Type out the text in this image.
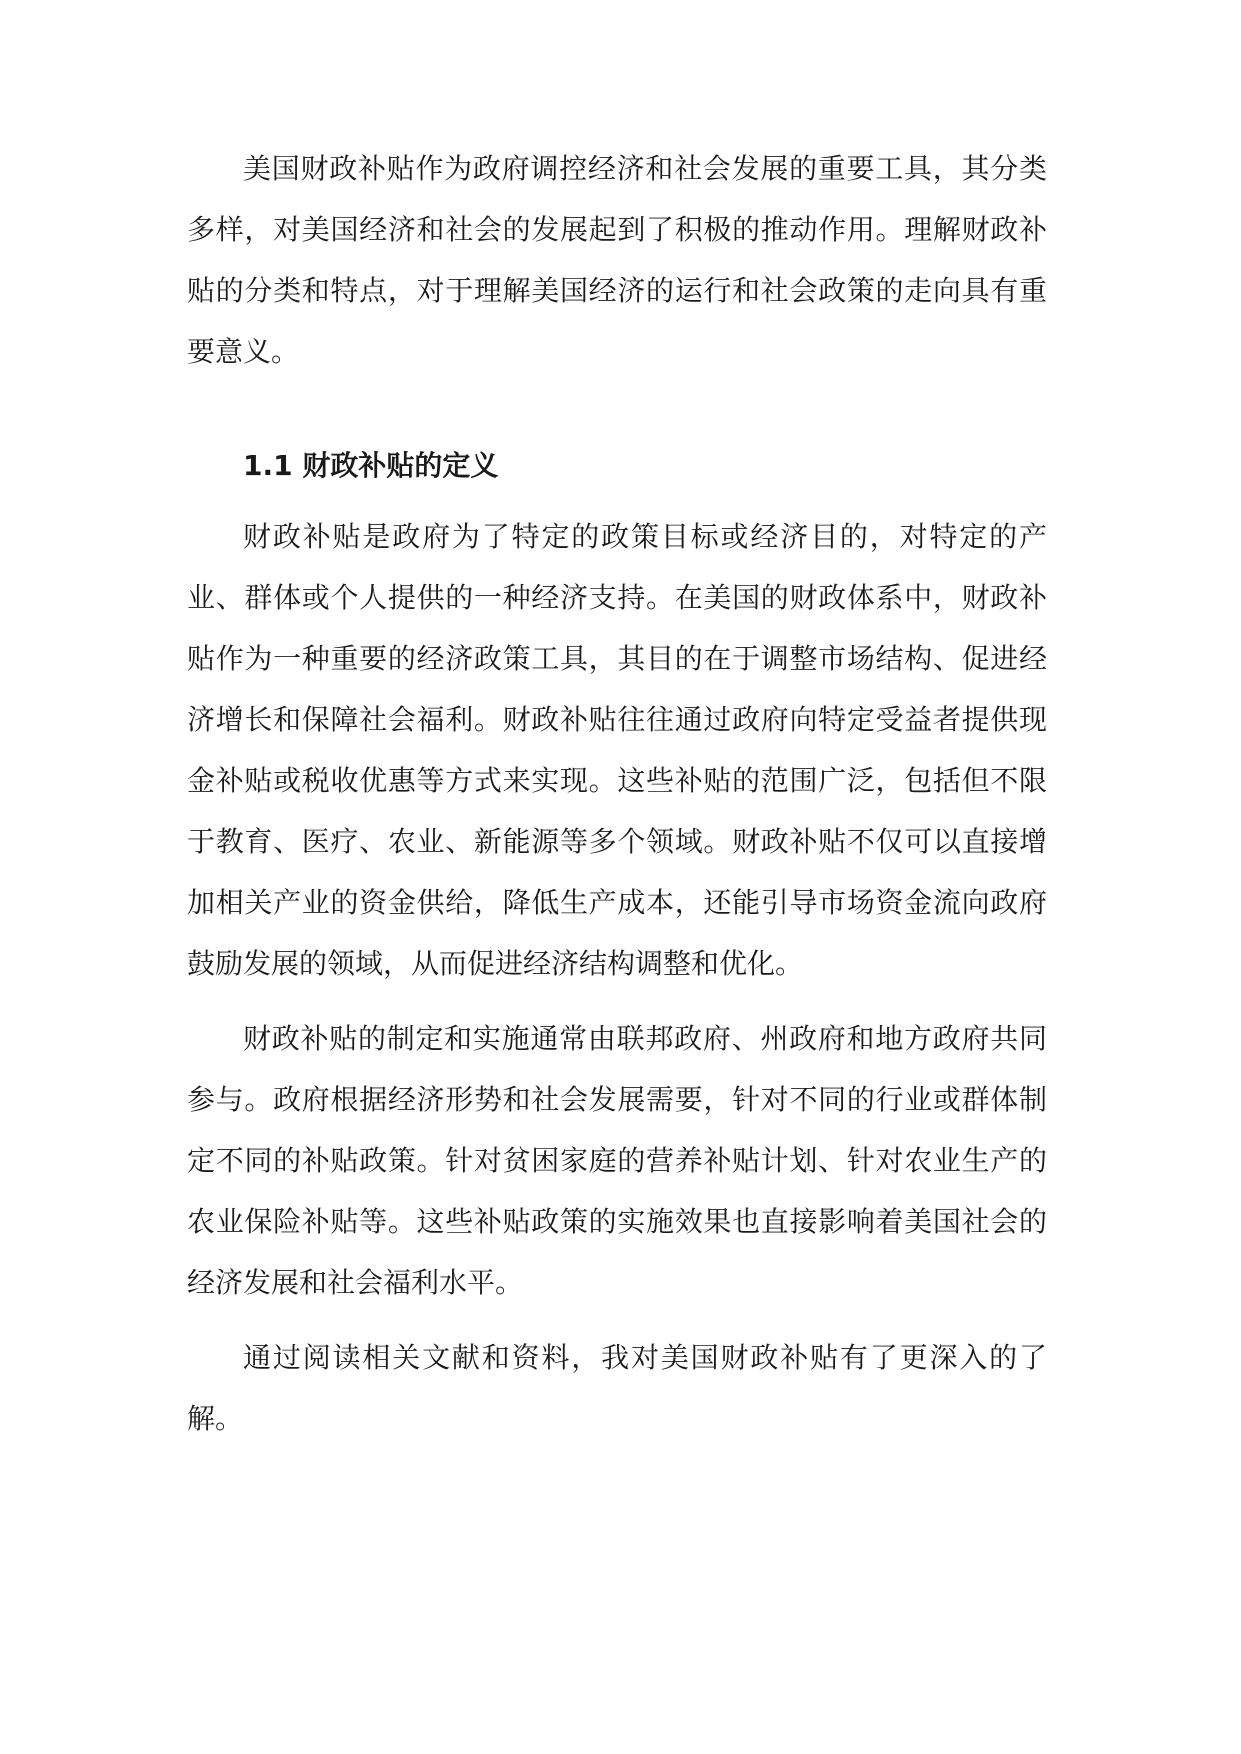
美国财政补贴作为政府调控经济和社会发展的重要工具，其分类多样，对美国经济和社会的发展起到了积极的推动作用。理解财政补贴的分类和特点，对于理解美国经济的运行和社会政策的走向具有重要意义。

1.1 财政补贴的定义

财政补贴是政府为了特定的政策目标或经济目的，对特定的产业、群体或个人提供的一种经济支持。在美国的财政体系中，财政补贴作为一种重要的经济政策工具，其目的在于调整市场结构、促进经济增长和保障社会福利。财政补贴往往通过政府向特定受益者提供现金补贴或税收优惠等方式来实现。这些补贴的范围广泛，包括但不限于教育、医疗、农业、新能源等多个领域。财政补贴不仅可以直接增加相关产业的资金供给，降低生产成本，还能引导市场资金流向政府鼓励发展的领域，从而促进经济结构调整和优化。

财政补贴的制定和实施通常由联邦政府、州政府和地方政府共同参与。政府根据经济形势和社会发展需要，针对不同的行业或群体制定不同的补贴政策。针对贫困家庭的营养补贴计划、针对农业生产的农业保险补贴等。这些补贴政策的实施效果也直接影响着美国社会的经济发展和社会福利水平。

通过阅读相关文献和资料，我对美国财政补贴有了更深入的了解。
